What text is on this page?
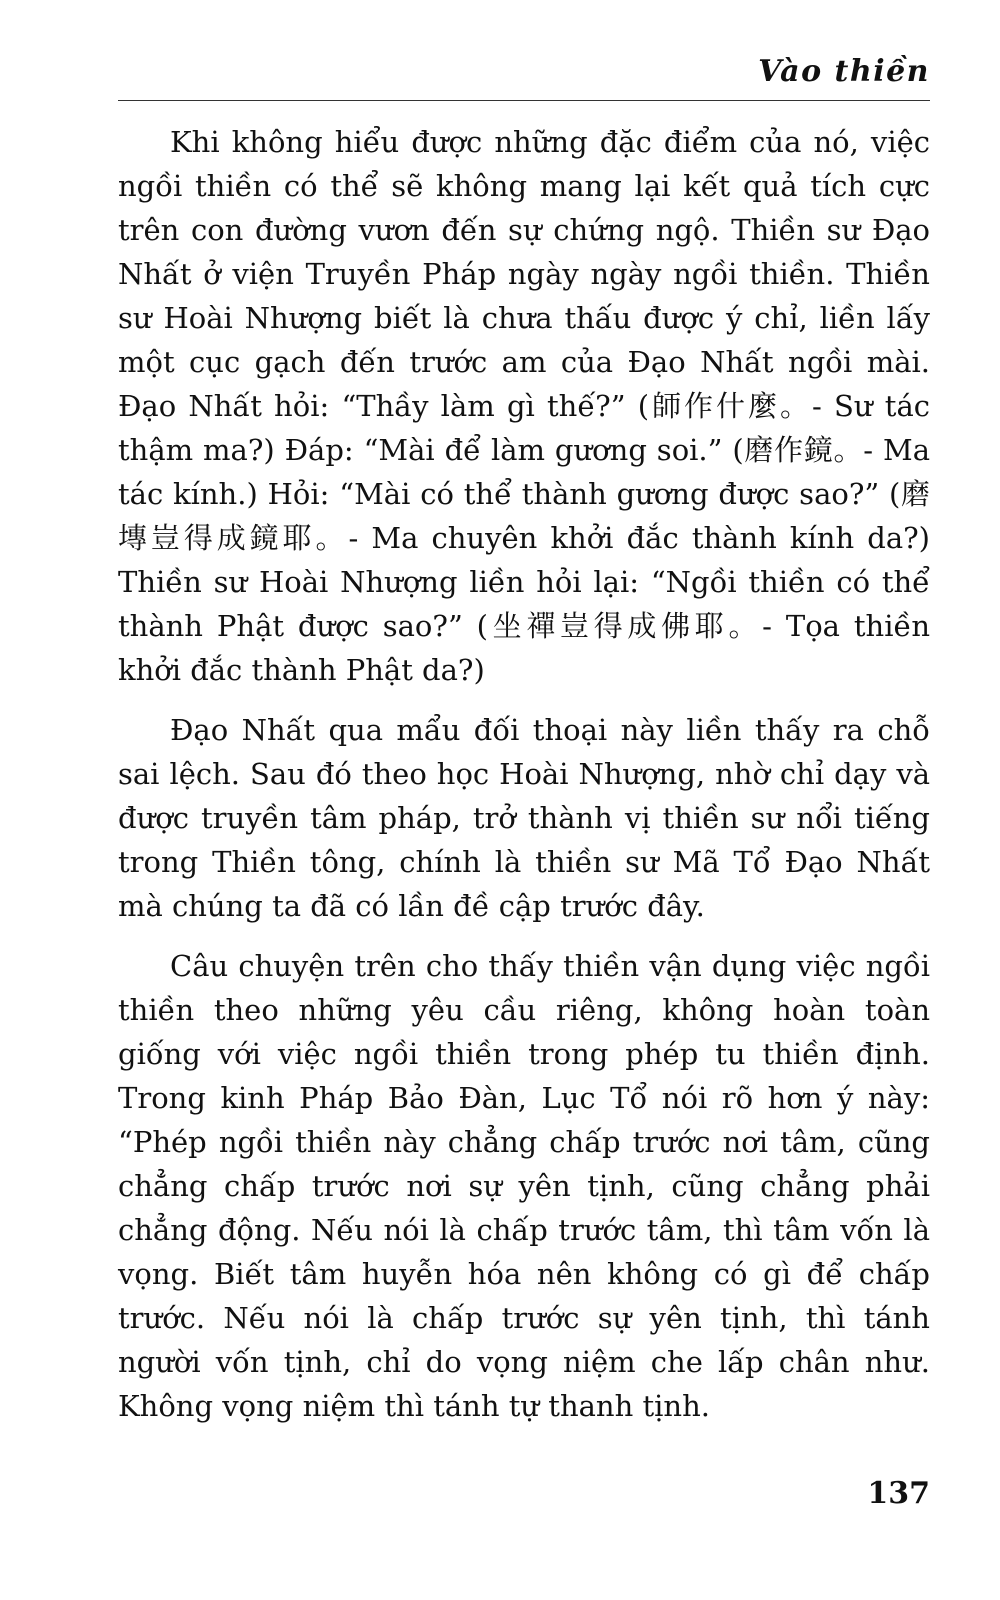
Vào thiền

Khi không hiểu được những đặc điểm của nó, việc ngồi thiền có thể sẽ không mang lại kết quả tích cực trên con đường vươn đến sự chứng ngộ. Thiền sư Đạo Nhất ở viện Truyền Pháp ngày ngày ngồi thiền. Thiền sư Hoài Nhượng biết là chưa thấu được ý chỉ, liền lấy một cục gạch đến trước am của Đạo Nhất ngồi mài. Đạo Nhất hỏi: “Thầy làm gì thế?” (師作什麼。- Sư tác thậm ma?) Đáp: “Mài để làm gương soi.” (磨作鏡。- Ma tác kính.) Hỏi: “Mài có thể thành gương được sao?” (磨塼豈得成鏡耶。- Ma chuyên khởi đắc thành kính da?) Thiền sư Hoài Nhượng liền hỏi lại: “Ngồi thiền có thể thành Phật được sao?” (坐禪豈得成佛耶。- Tọa thiền khởi đắc thành Phật da?)

Đạo Nhất qua mẩu đối thoại này liền thấy ra chỗ sai lệch. Sau đó theo học Hoài Nhượng, nhờ chỉ dạy và được truyền tâm pháp, trở thành vị thiền sư nổi tiếng trong Thiền tông, chính là thiền sư Mã Tổ Đạo Nhất mà chúng ta đã có lần đề cập trước đây.

Câu chuyện trên cho thấy thiền vận dụng việc ngồi thiền theo những yêu cầu riêng, không hoàn toàn giống với việc ngồi thiền trong phép tu thiền định. Trong kinh Pháp Bảo Đàn, Lục Tổ nói rõ hơn ý này: “Phép ngồi thiền này chẳng chấp trước nơi tâm, cũng chẳng chấp trước nơi sự yên tịnh, cũng chẳng phải chẳng động. Nếu nói là chấp trước tâm, thì tâm vốn là vọng. Biết tâm huyễn hóa nên không có gì để chấp trước. Nếu nói là chấp trước sự yên tịnh, thì tánh người vốn tịnh, chỉ do vọng niệm che lấp chân như. Không vọng niệm thì tánh tự thanh tịnh.

137
